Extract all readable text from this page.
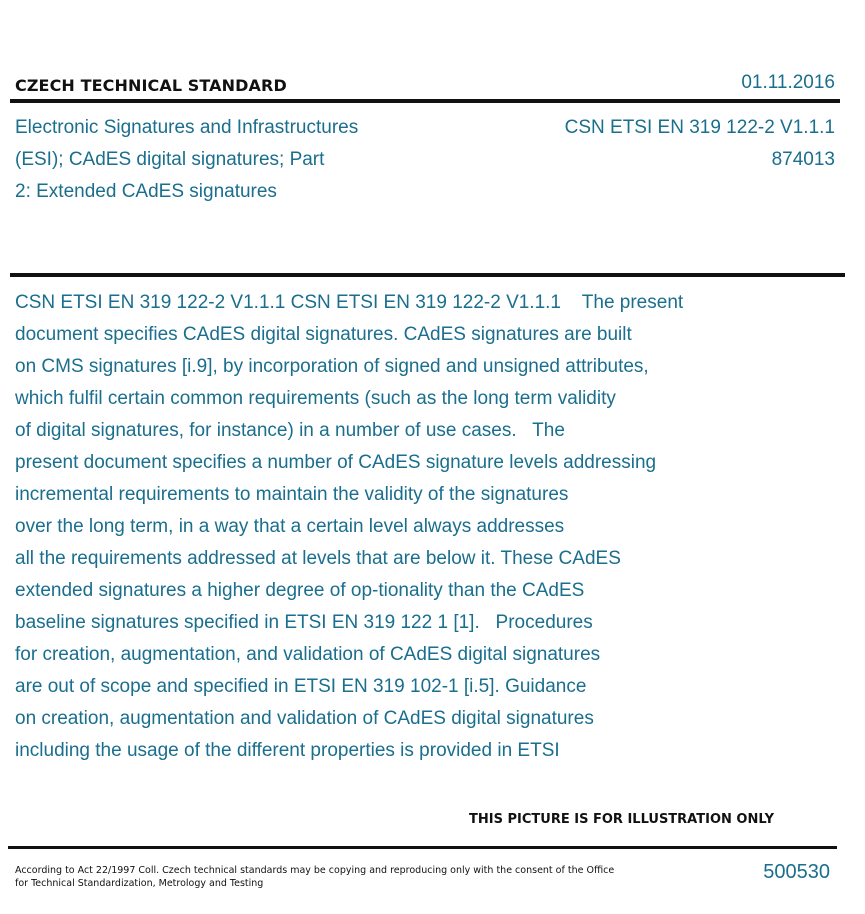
CZECH TECHNICAL STANDARD	01.11.2016
Electronic Signatures and Infrastructures
(ESI); CAdES digital signatures; Part
2: Extended CAdES signatures
CSN ETSI EN 319 122-2 V1.1.1
874013
CSN ETSI EN 319 122-2 V1.1.1 CSN ETSI EN 319 122-2 V1.1.1    The present
document specifies CAdES digital signatures. CAdES signatures are built
on CMS signatures [i.9], by incorporation of signed and unsigned attributes,
which fulfil certain common requirements (such as the long term validity
of digital signatures, for instance) in a number of use cases.   The
present document specifies a number of CAdES signature levels addressing
incremental requirements to maintain the validity of the signatures
over the long term, in a way that a certain level always addresses
all the requirements addressed at levels that are below it. These CAdES
extended signatures a higher degree of op-tionality than the CAdES
baseline signatures specified in ETSI EN 319 122 1 [1].   Procedures
for creation, augmentation, and validation of CAdES digital signatures
are out of scope and specified in ETSI EN 319 102-1 [i.5]. Guidance
on creation, augmentation and validation of CAdES digital signatures
including the usage of the different properties is provided in ETSI
THIS PICTURE IS FOR ILLUSTRATION ONLY
According to Act 22/1997 Coll. Czech technical standards may be copying and reproducing only with the consent of the Office
for Technical Standardization, Metrology and Testing
500530
